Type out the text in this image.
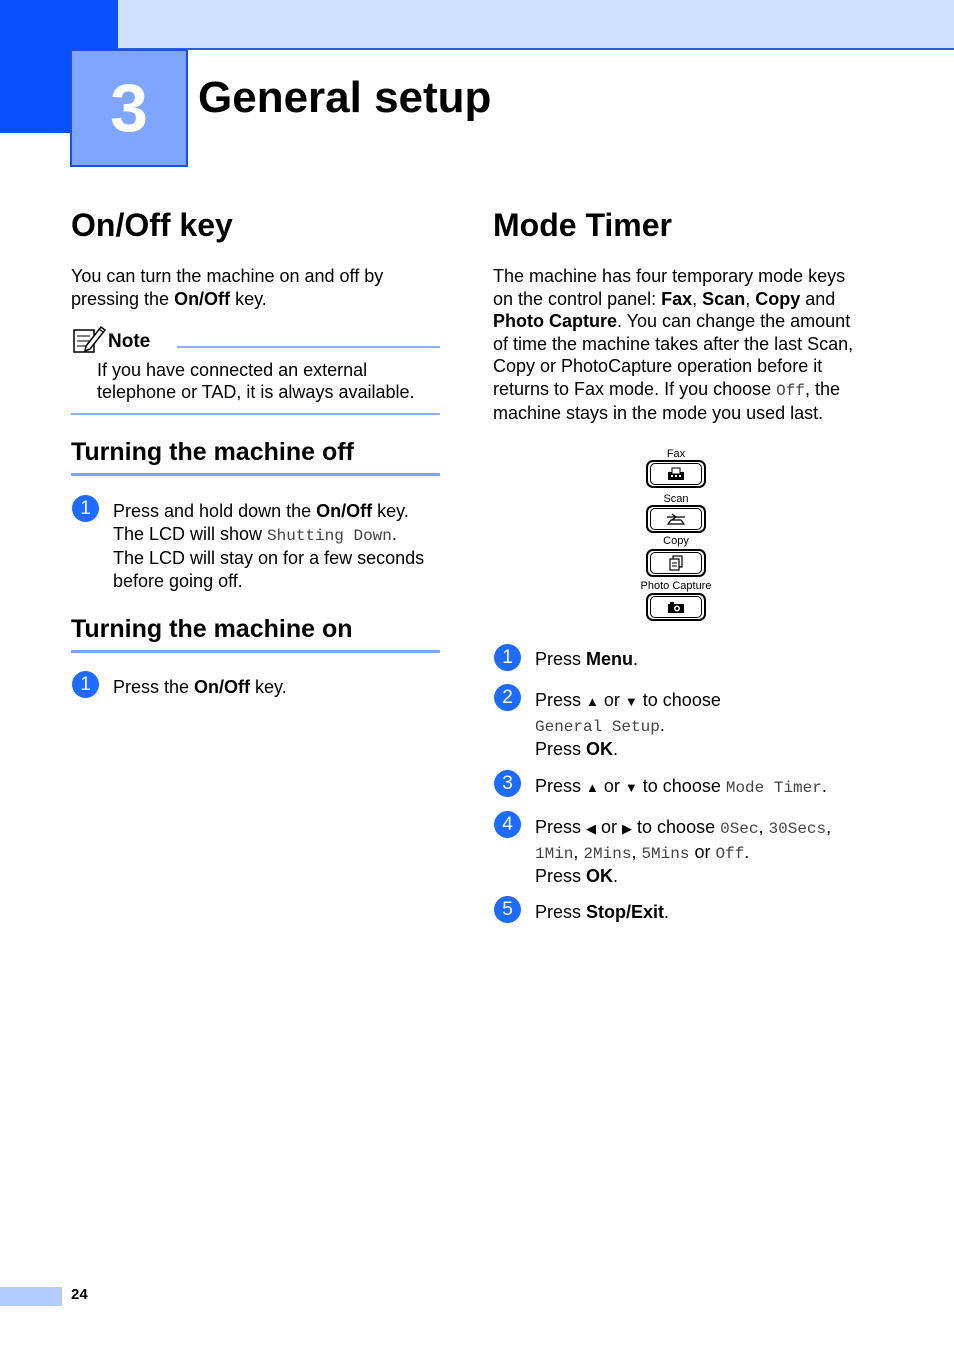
3	General setup
On/Off key
You can turn the machine on and off by pressing the On/Off key.
Note
If you have connected an external
telephone or TAD, it is always available.
Turning the machine off
1	Press and hold down the On/Off key.
The LCD will show Shutting Down.
The LCD will stay on for a few seconds
before going off.
Turning the machine on
1	Press the On/Off key.
Mode Timer
The machine has four temporary mode keys
on the control panel: Fax, Scan, Copy and
Photo Capture. You can change the amount
of time the machine takes after the last Scan,
Copy or PhotoCapture operation before it
returns to Fax mode. If you choose Off, the
machine stays in the mode you used last.
Fax
Scan
Copy
Photo Capture
1	Press Menu.
2	Press ▲ or ▼ to choose
General Setup.
Press OK.
3	Press ▲ or ▼ to choose Mode Timer.
4	Press ◀ or ▶ to choose 0Sec, 30Secs,
1Min, 2Mins, 5Mins or Off.
Press OK.
5	Press Stop/Exit.
24
